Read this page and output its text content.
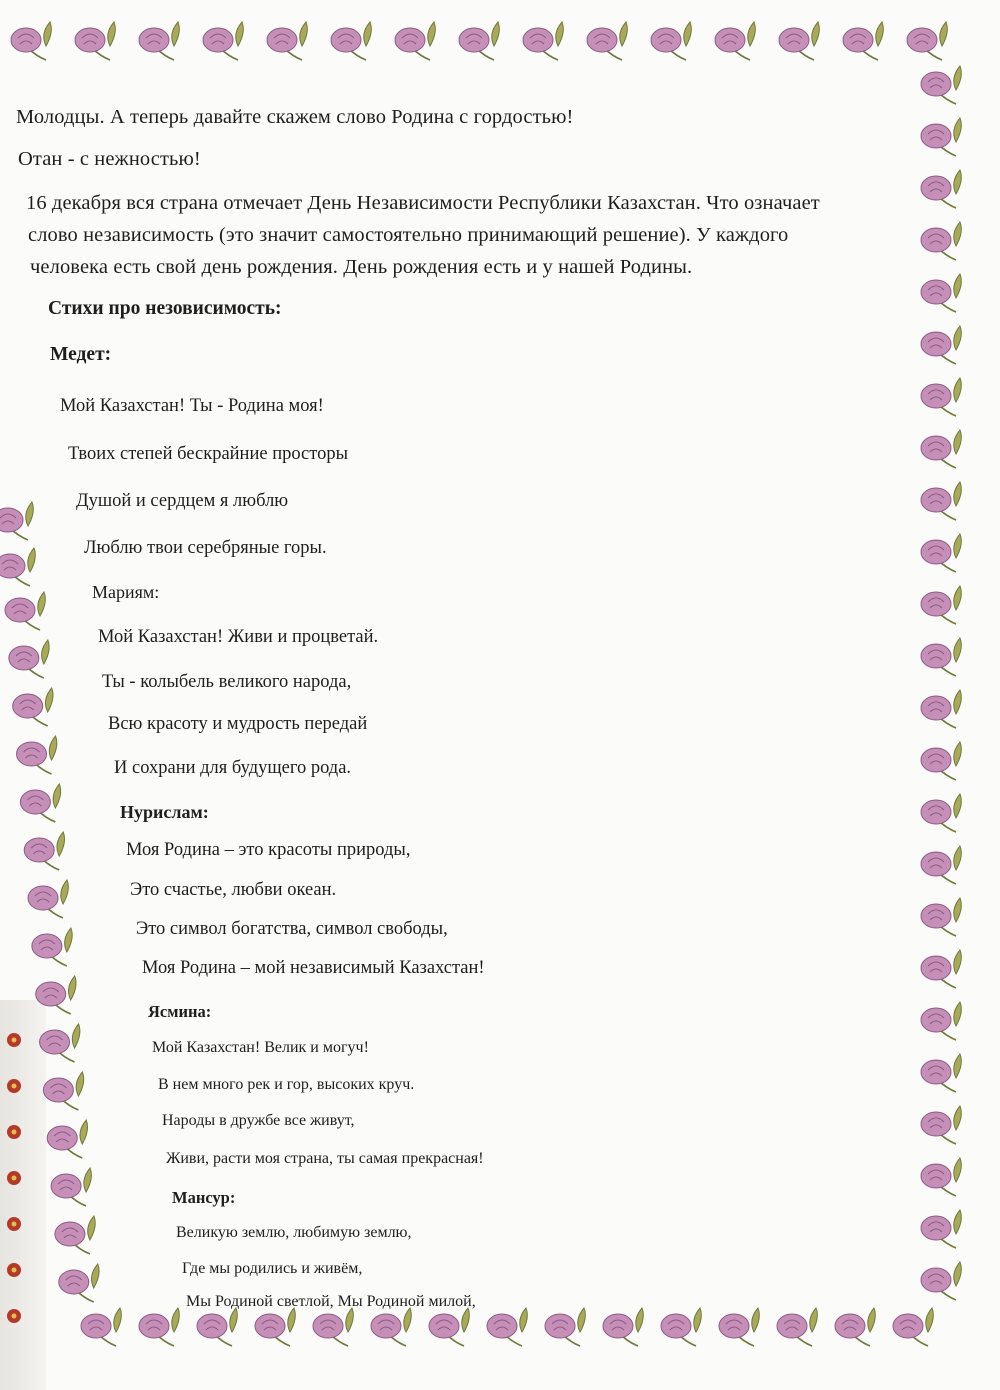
Молодцы. А теперь давайте скажем слово Родина с гордостью!
Отан - с нежностью!
16 декабря вся страна отмечает День Независимости Республики Казахстан. Что означает
слово независимость (это значит самостоятельно принимающий решение). У каждого
человека есть свой день рождения. День рождения есть и у нашей Родины.
Стихи про незовисимость:
Медет:
Мой Казахстан! Ты - Родина моя!
Твоих степей бескрайние просторы
Душой и сердцем я люблю
Люблю твои серебряные горы.
Мариям:
Мой Казахстан! Живи и процветай.
Ты - колыбель великого народа,
Всю красоту и мудрость передай
И сохрани для будущего рода.
Нурислам:
Моя Родина – это красоты природы,
Это счастье, любви океан.
Это символ богатства, символ свободы,
Моя Родина – мой независимый Казахстан!
Ясмина:
Мой Казахстан! Велик и могуч!
В нем много рек и гор, высоких круч.
Народы в дружбе все живут,
Живи, расти моя страна, ты самая прекрасная!
Мансур:
Великую землю, любимую землю,
Где мы родились и живём,
Мы Родиной светлой, Мы Родиной милой,
